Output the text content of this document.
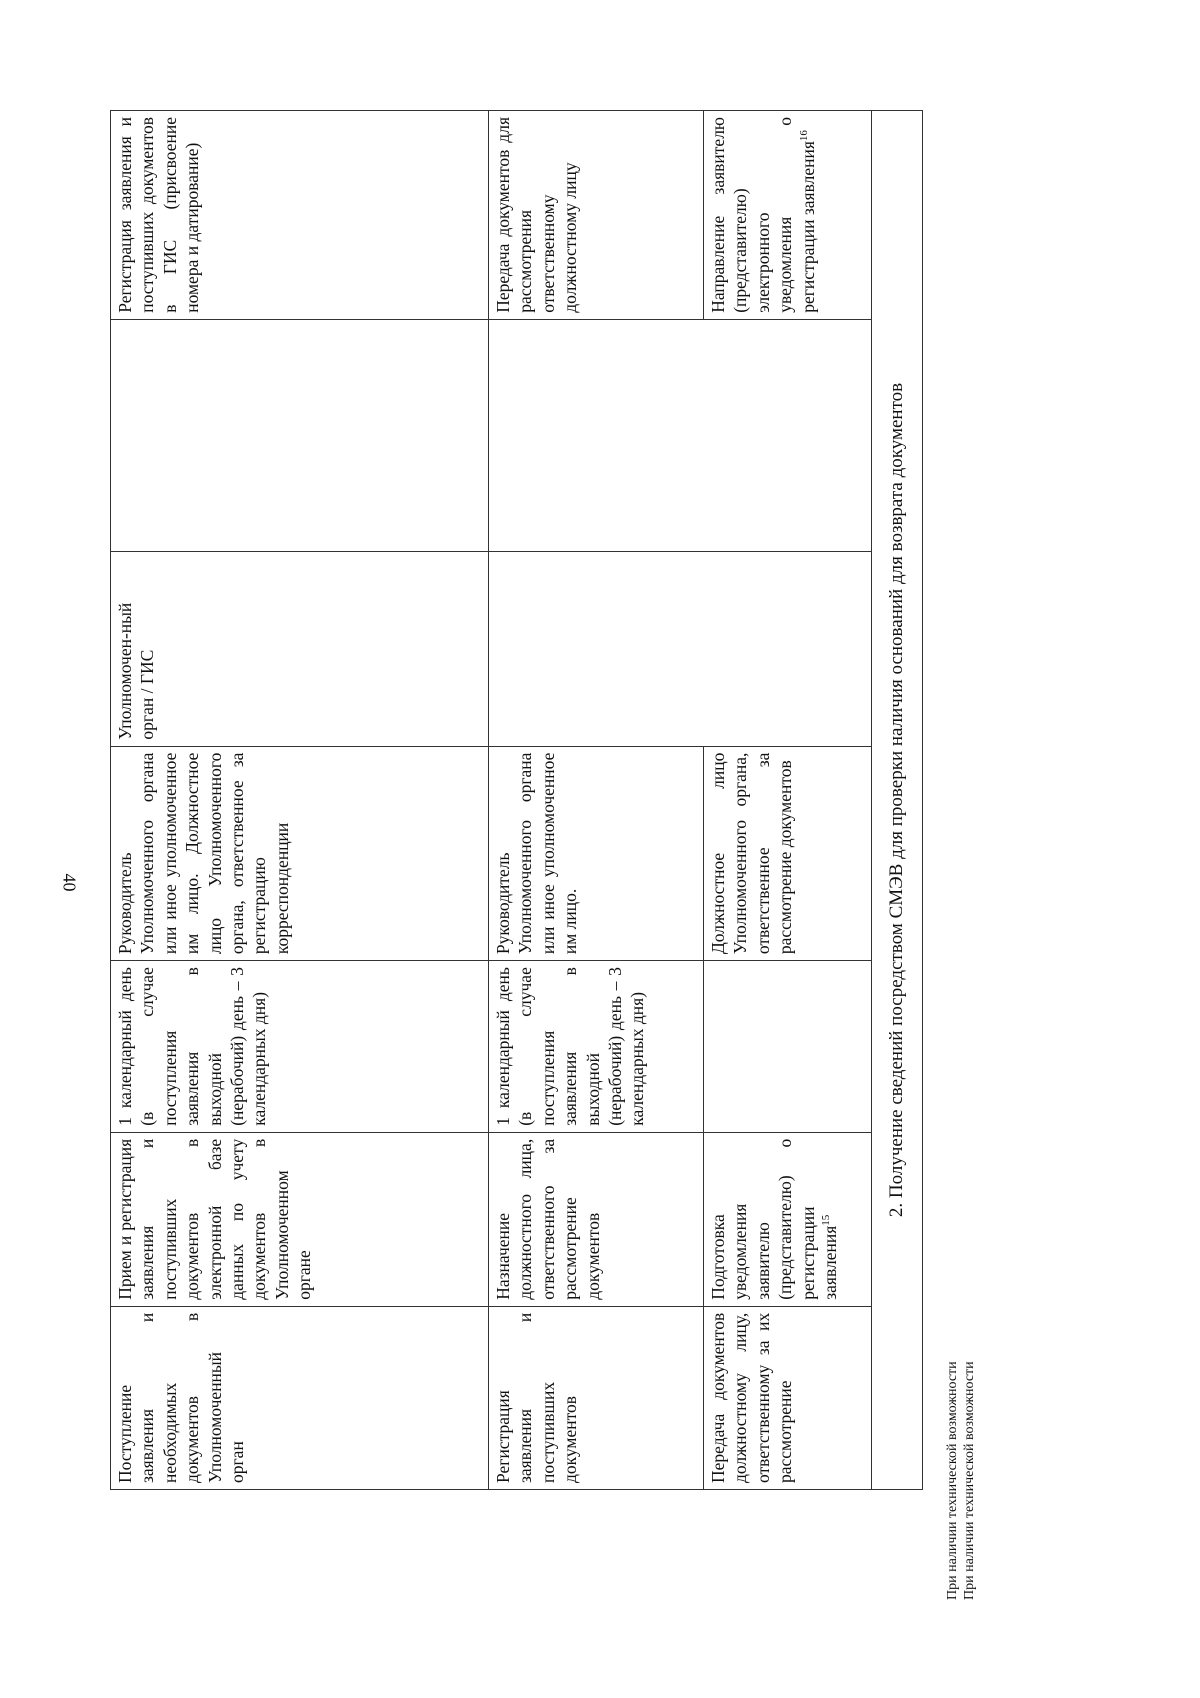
40
Поступление заявления и необходимых документов в Уполномоченный орган	Прием и регистрация заявления и поступивших документов в электронной базе данных по учету документов в Уполномоченном органе	1 календарный день (в случае поступления заявления в выходной (нерабочий) день – 3 календарных дня)	Руководитель Уполномоченного органа или иное уполномоченное им лицо. Должностное лицо Уполномоченного органа, ответственное за регистрацию корреспонденции	Уполномочен-ный орган / ГИС		Регистрация заявления и поступивших документов в ГИС (присвоение номера и датирование)
Регистрация заявления и поступивших документов	Назначение должностного лица, ответственного за рассмотрение документов	1 календарный день (в случае поступления заявления в выходной (нерабочий) день – 3 календарных дня)	Руководитель Уполномоченного органа или иное уполномоченное им лицо.			Передача документов для рассмотрения ответственному должностному лицу
Передача документов должностному лицу, ответственному за их рассмотрение	Подготовка уведомления заявителю (представителю) о регистрации заявления$^{15}$		Должностное лицо Уполномоченного органа, ответственное за рассмотрение документов			Направление заявителю (представителю) электронного уведомления о регистрации заявления$^{16}$
2. Получение сведений посредством СМЭВ для проверки наличия оснований для возврата документов						
При наличии технической возможности При наличии технической возможности
